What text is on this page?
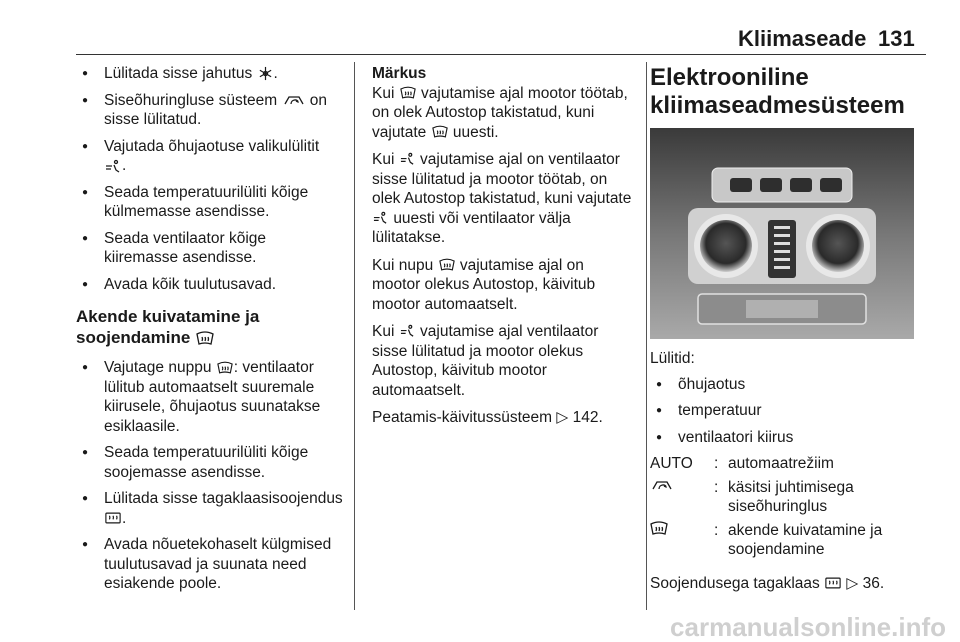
Kliimaseade 131
● Lülitada sisse jahutus .
● Siseõhuringluse süsteem  on sisse lülitatud.
● Vajutada õhujaotuse valikulülitit
.
● Seada temperatuurilüliti kõige külmemasse asendisse.
● Seada ventilaator kõige kiiremasse asendisse.
● Avada kõik tuulutusavad.
Akende kuivatamine ja soojendamine
● Vajutage nuppu : ventilaator lülitub automaatselt suuremale kiirusele, õhujaotus suunatakse esiklaasile.
● Seada temperatuurilüliti kõige soojemasse asendisse.
● Lülitada sisse tagaklaasisoojendus .
● Avada nõuetekohaselt külgmised tuulutusavad ja suunata need esiakende poole.
Märkus

Kui vajutamise ajal mootor töötab, on olek Autostop takistatud, kuni vajutate uuesti.

Kui vajutamise ajal on ventilaator sisse lülitatud ja mootor töötab, on olek Autostop takistatud, kuni vajutate  uuesti või ventilaator välja lülitatakse.

Kui nupu vajutamise ajal on mootor olekus Autostop, käivitub mootor automaatselt.

Kui vajutamise ajal ventilaator sisse lülitatud ja mootor olekus Autostop, käivitub mootor automaatselt.

Peatamis-käivitussüsteem ▷ 142.

Elektrooniline kliimaseadmesüsteem
Lülitid:
● õhujaotus
● temperatuur
● ventilaatori kiirus
AUTO	: automaatrežiim
: käsitsi juhtimisega siseõhuringlus
: akende kuivatamine ja soojendamine

Soojendusega tagaklaas ▷ 36.

carmanualsonline.info
